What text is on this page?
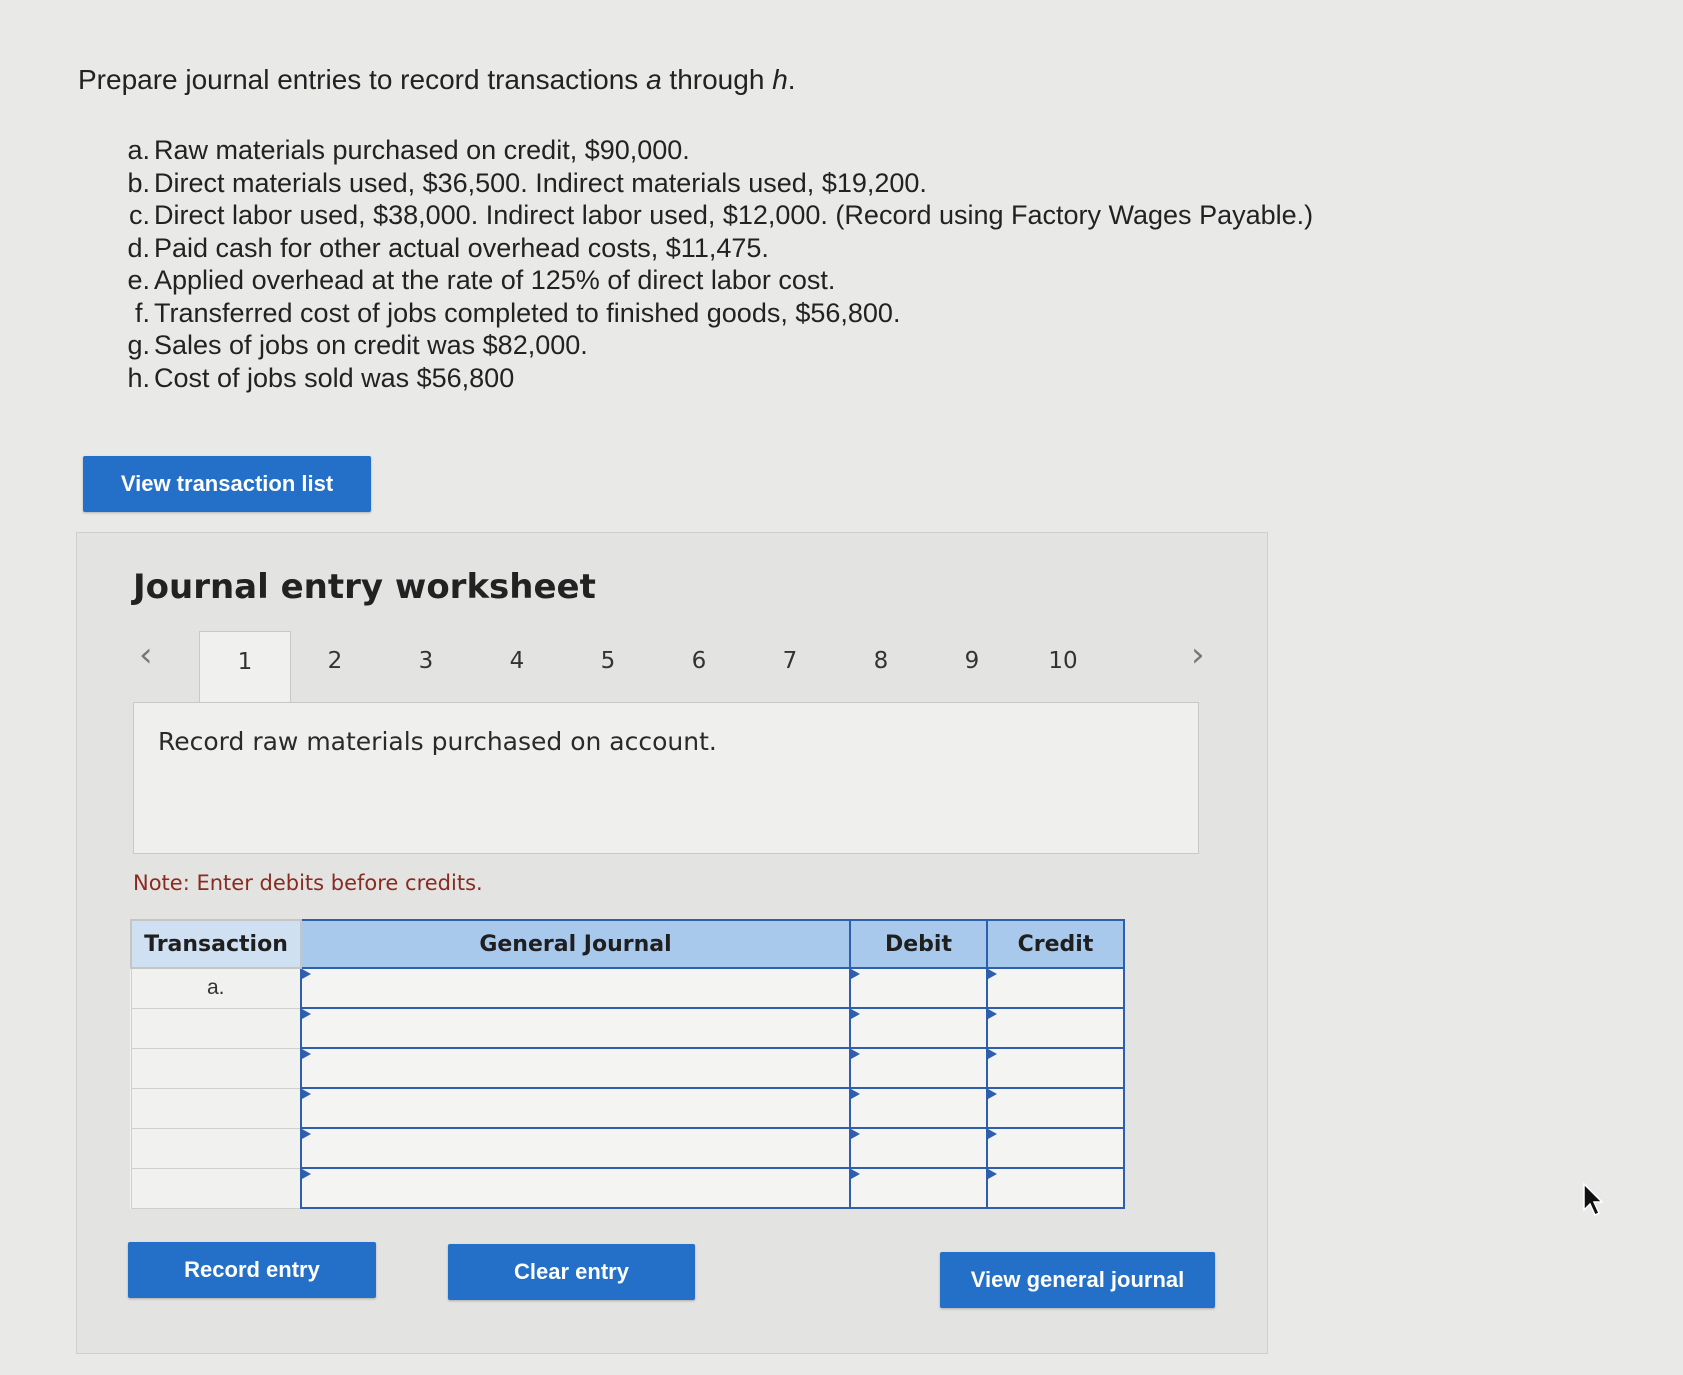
Prepare journal entries to record transactions a through h.
a. Raw materials purchased on credit, $90,000.
b. Direct materials used, $36,500. Indirect materials used, $19,200.
c. Direct labor used, $38,000. Indirect labor used, $12,000. (Record using Factory Wages Payable.)
d. Paid cash for other actual overhead costs, $11,475.
e. Applied overhead at the rate of 125% of direct labor cost.
f. Transferred cost of jobs completed to finished goods, $56,800.
g. Sales of jobs on credit was $82,000.
h. Cost of jobs sold was $56,800
View transaction list
Journal entry worksheet
‹	1	2	3	4	5	6	7	8	9	10	›
Record raw materials purchased on account.
Note: Enter debits before credits.
Transaction	General Journal	Debit	Credit
a.			

Record entry	Clear entry	View general journal
